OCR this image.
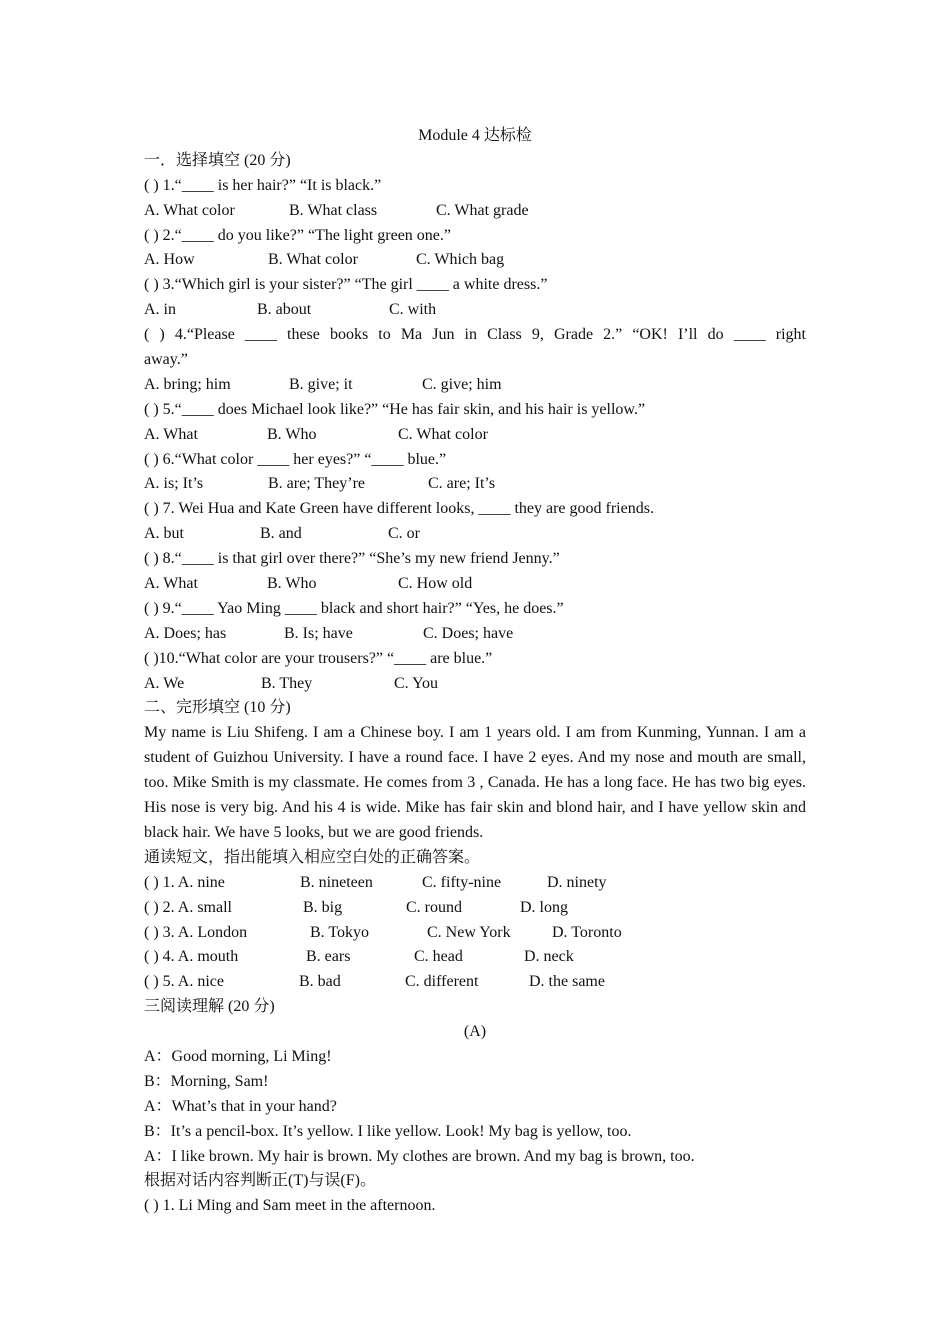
Module 4 达标检
一．选择填空 (20 分)
( ) 1.“____ is her hair?” “It is black.”

A. What color

	B. What class

	C. What grade

( ) 2.“____ do you like?” “The light green one.”

A. How

	B. What color

	C. Which bag

( ) 3.“Which girl is your sister?” “The girl ____ a white dress.”

A. in

	B. about

	C. with

( ) 4.“Please ____ these books to Ma Jun in Class 9, Grade 2.” “OK! I’ll do ____ right
away.”

A. bring; him

	B. give; it

	C. give; him

( ) 5.“____ does Michael look like?” “He has fair skin, and his hair is yellow.”

A. What

	B. Who

	C. What color

( ) 6.“What color ____ her eyes?” “____ blue.”

A. is; It’s

	B. are; They’re

	C. are; It’s

( ) 7. Wei Hua and Kate Green have different looks, ____ they are good friends.

A. but

	B. and

	C. or

( ) 8.“____ is that girl over there?” “She’s my new friend Jenny.”

A. What

	B. Who

	C. How old

( ) 9.“____ Yao Ming ____ black and short hair?” “Yes, he does.”

A. Does; has

	B. Is; have

	C. Does; have

( )10.“What color are your trousers?” “____ are blue.”

A. We

	B. They

	C. You

二、完形填空 (10 分)
My name is Liu Shifeng. I am a Chinese boy. I am 1 years old. I am from Kunming, Yunnan. I am a student of Guizhou University. I have a round face. I have 2 eyes. And my nose and mouth are small, too. Mike Smith is my classmate. He comes from 3 , Canada. He has a long face. He has two big eyes. His nose is very big. And his 4 is wide. Mike has fair skin and blond hair, and I have yellow skin and black hair. We have 5 looks, but we are good friends.
通读短文，指出能填入相应空白处的正确答案。

( ) 1. A. nine

	B. nineteen

	C. fifty-nine

	D. ninety

( ) 2. A. small

	B. big

	C. round

	D. long

( ) 3. A. London

	B. Tokyo

	C. New York

	D. Toronto

( ) 4. A. mouth

	B. ears

	C. head

	D. neck

( ) 5. A. nice

	B. bad

	C. different

	D. the same

三阅读理解 (20 分)
(A)
A：Good morning, Li Ming!
B：Morning, Sam!
A：What’s that in your hand?
B：It’s a pencil-box. It’s yellow. I like yellow. Look! My bag is yellow, too.
A：I like brown. My hair is brown. My clothes are brown. And my bag is brown, too.
根据对话内容判断正(T)与误(F)。
( ) 1. Li Ming and Sam meet in the afternoon.
